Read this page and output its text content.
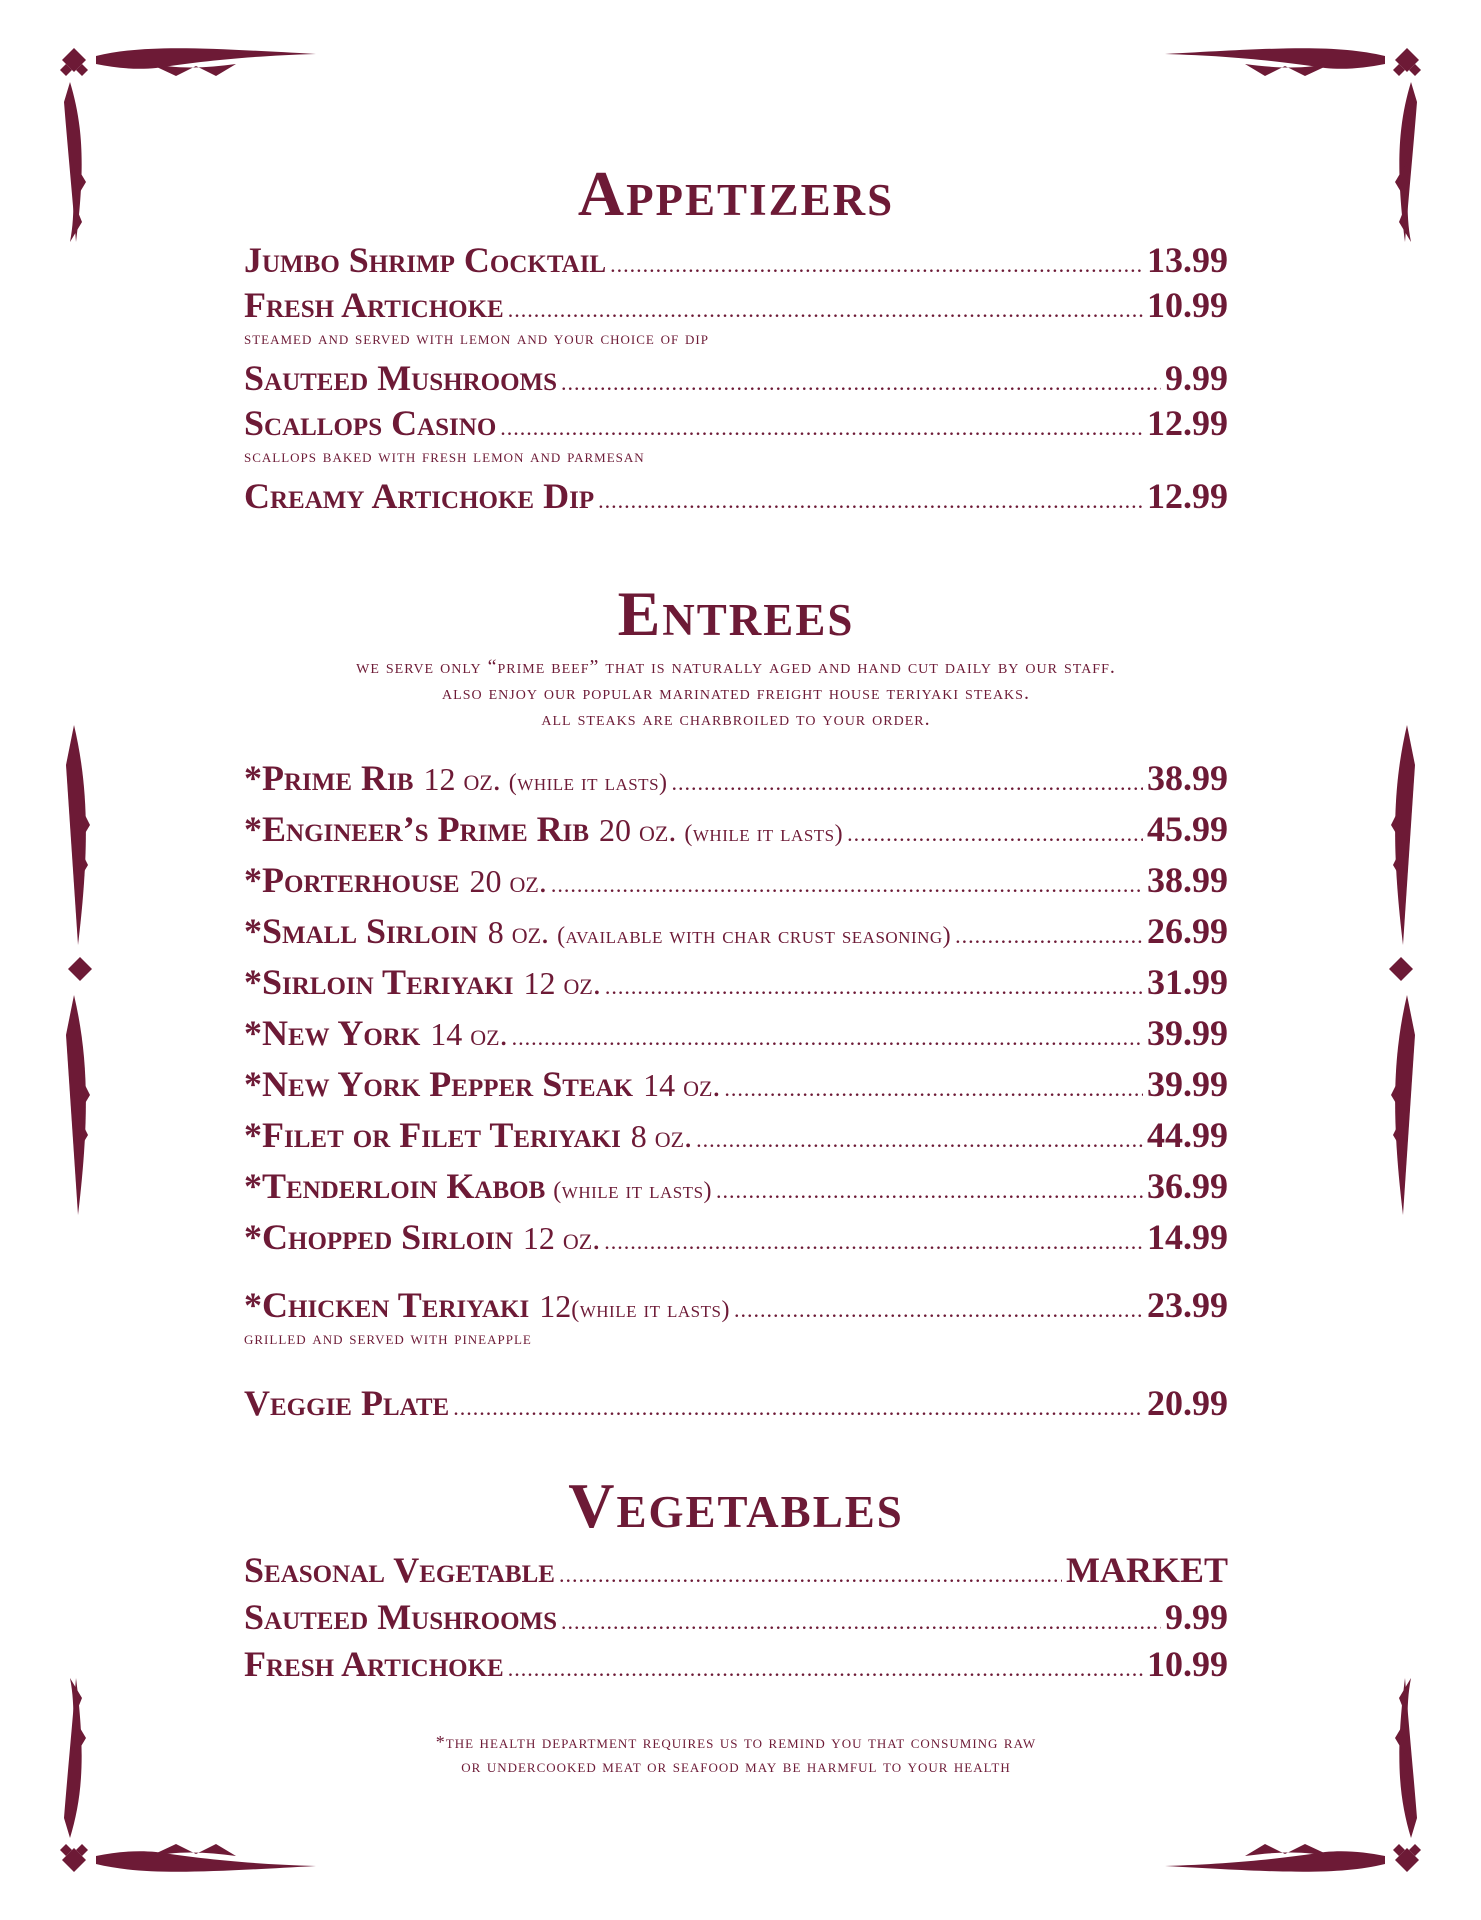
Appetizers
Jumbo Shrimp Cocktail .....	13.99
Fresh Artichoke .....	10.99
steamed and served with lemon and your choice of dip
Sauteed Mushrooms .....	9.99
Scallops Casino .....	12.99
scallops baked with fresh lemon and parmesan
Creamy Artichoke Dip .....	12.99
Entrees
we serve only “prime beef” that is naturally aged and hand cut daily by our staff.
also enjoy our popular marinated freight house teriyaki steaks.
all steaks are charbroiled to your order.
*Prime Rib 12 oz. (while it lasts) .....	38.99
*Engineer’s Prime Rib 20 oz. (while it lasts) .....	45.99
*Porterhouse 20 oz. .....	38.99
*Small Sirloin 8 oz. (available with char crust seasoning) .....	26.99
*Sirloin Teriyaki 12 oz. .....	31.99
*New York 14 oz. .....	39.99
*New York Pepper Steak 14 oz. .....	39.99
*Filet or Filet Teriyaki 8 oz. .....	44.99
*Tenderloin Kabob (while it lasts) .....	36.99
*Chopped Sirloin 12 oz. .....	14.99
*Chicken Teriyaki 12 (while it lasts) .....	23.99
grilled and served with pineapple
Veggie Plate .....	20.99
Vegetables
Seasonal Vegetable .....	MARKET
Sauteed Mushrooms .....	9.99
Fresh Artichoke .....	10.99
*the health department requires us to remind you that consuming raw
or undercooked meat or seafood may be harmful to your health
